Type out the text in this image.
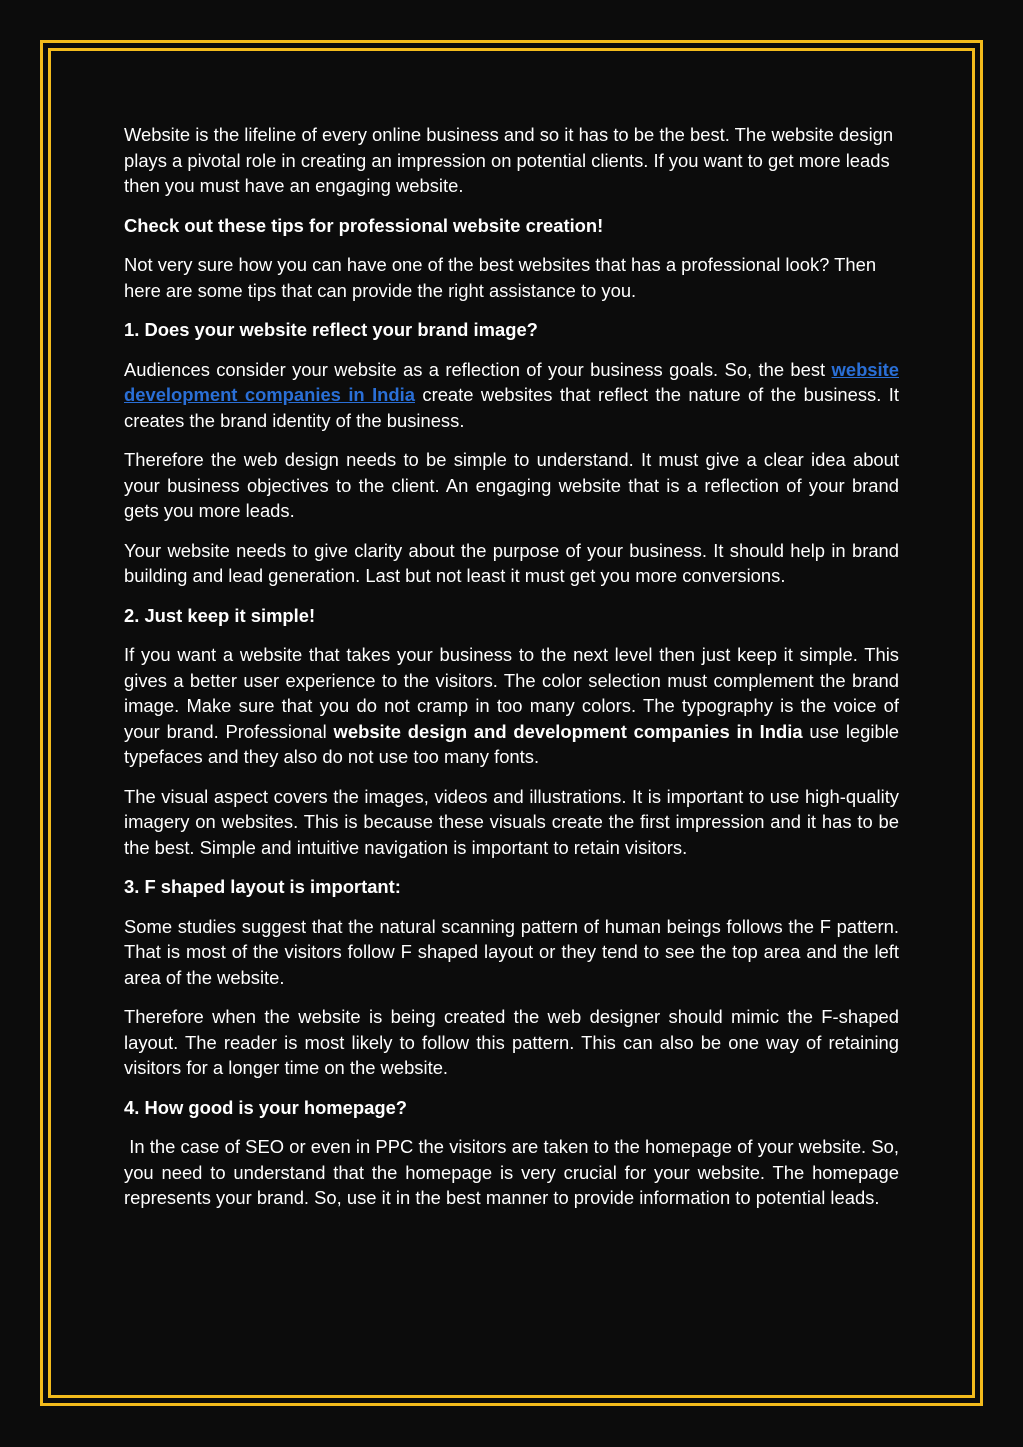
Website is the lifeline of every online business and so it has to be the best. The website design plays a pivotal role in creating an impression on potential clients. If you want to get more leads then you must have an engaging website.

Check out these tips for professional website creation!

Not very sure how you can have one of the best websites that has a professional look? Then here are some tips that can provide the right assistance to you.

1. Does your website reflect your brand image?

Audiences consider your website as a reflection of your business goals. So, the best website development companies in India create websites that reflect the nature of the business. It creates the brand identity of the business.

Therefore the web design needs to be simple to understand. It must give a clear idea about your business objectives to the client. An engaging website that is a reflection of your brand gets you more leads.

Your website needs to give clarity about the purpose of your business. It should help in brand building and lead generation. Last but not least it must get you more conversions.

2. Just keep it simple!

If you want a website that takes your business to the next level then just keep it simple. This gives a better user experience to the visitors. The color selection must complement the brand image. Make sure that you do not cramp in too many colors. The typography is the voice of your brand. Professional website design and development companies in India use legible typefaces and they also do not use too many fonts.

The visual aspect covers the images, videos and illustrations. It is important to use high-quality imagery on websites. This is because these visuals create the first impression and it has to be the best. Simple and intuitive navigation is important to retain visitors.

3. F shaped layout is important:

Some studies suggest that the natural scanning pattern of human beings follows the F pattern. That is most of the visitors follow F shaped layout or they tend to see the top area and the left area of the website.

Therefore when the website is being created the web designer should mimic the F-shaped layout. The reader is most likely to follow this pattern. This can also be one way of retaining visitors for a longer time on the website.

4. How good is your homepage?

In the case of SEO or even in PPC the visitors are taken to the homepage of your website. So, you need to understand that the homepage is very crucial for your website. The homepage represents your brand. So, use it in the best manner to provide information to potential leads.
